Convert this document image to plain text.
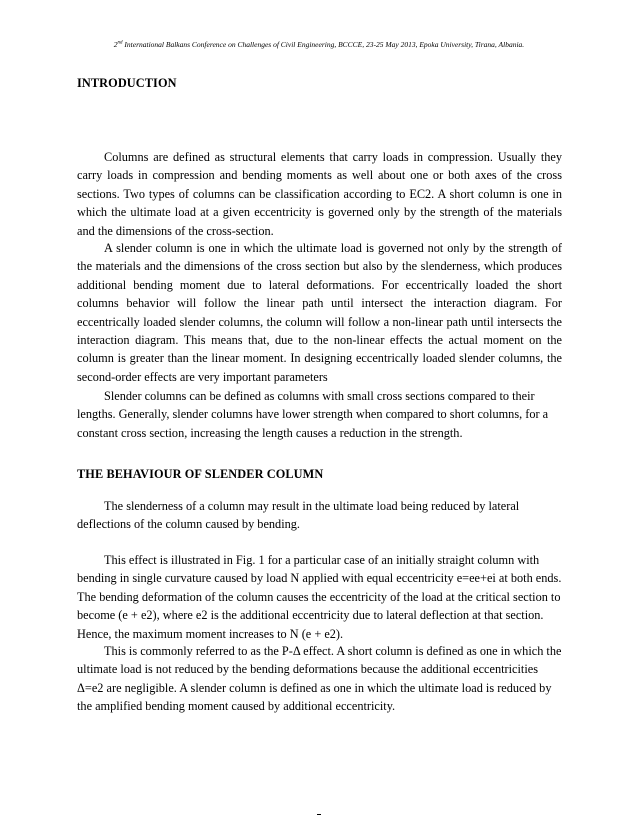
2nd International Balkans Conference on Challenges of Civil Engineering, BCCCE, 23-25 May 2013, Epoka University, Tirana, Albania.
INTRODUCTION

Columns are defined as structural elements that carry loads in compression. Usually they carry loads in compression and bending moments as well about one or both axes of the cross sections. Two types of columns can be classification according to EC2. A short column is one in which the ultimate load at a given eccentricity is governed only by the strength of the materials and the dimensions of the cross-section.

A slender column is one in which the ultimate load is governed not only by the strength of the materials and the dimensions of the cross section but also by the slenderness, which produces additional bending moment due to lateral deformations. For eccentrically loaded the short columns behavior will follow the linear path until intersect the interaction diagram. For eccentrically loaded slender columns, the column will follow a non-linear path until intersects the interaction diagram. This means that, due to the non-linear effects the actual moment on the column is greater than the linear moment. In designing eccentrically loaded slender columns, the second-order effects are very important parameters

Slender columns can be defined as columns with small cross sections compared to their lengths. Generally, slender columns have lower strength when compared to short columns, for a constant cross section, increasing the length causes a reduction in the strength.

THE BEHAVIOUR OF SLENDER COLUMN

The slenderness of a column may result in the ultimate load being reduced by lateral deflections of the column caused by bending.

This effect is illustrated in Fig. 1 for a particular case of an initially straight column with bending in single curvature caused by load N applied with equal eccentricity e=ee+ei at both ends. The bending deformation of the column causes the eccentricity of the load at the critical section to become (e + e2), where e2 is the additional eccentricity due to lateral deflection at that section. Hence, the maximum moment increases to N (e + e2).

This is commonly referred to as the P-Δ effect. A short column is defined as one in which the ultimate load is not reduced by the bending deformations because the additional eccentricities Δ=e2 are negligible. A slender column is defined as one in which the ultimate load is reduced by the amplified bending moment caused by additional eccentricity.
